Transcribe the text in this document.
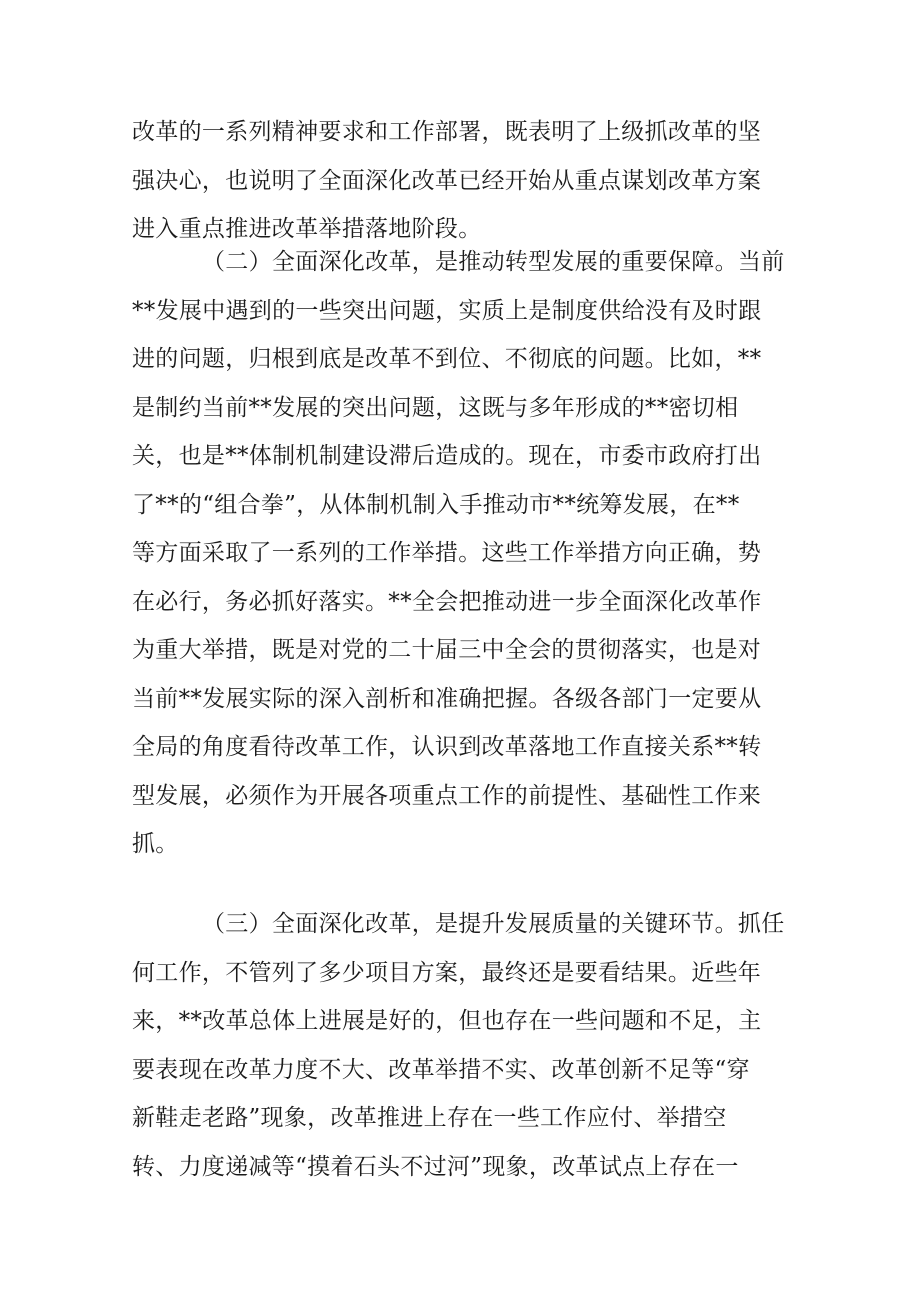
改革的一系列精神要求和工作部署，既表明了上级抓改革的坚
强决心，也说明了全面深化改革已经开始从重点谋划改革方案
进入重点推进改革举措落地阶段。
（二）全面深化改革，是推动转型发展的重要保障。当前
**发展中遇到的一些突出问题，实质上是制度供给没有及时跟
进的问题，归根到底是改革不到位、不彻底的问题。比如，**
是制约当前**发展的突出问题，这既与多年形成的**密切相
关，也是**体制机制建设滞后造成的。现在，市委市政府打出
了**的“组合拳”，从体制机制入手推动市**统筹发展，在**
等方面采取了一系列的工作举措。这些工作举措方向正确，势
在必行，务必抓好落实。**全会把推动进一步全面深化改革作
为重大举措，既是对党的二十届三中全会的贯彻落实，也是对
当前**发展实际的深入剖析和准确把握。各级各部门一定要从
全局的角度看待改革工作，认识到改革落地工作直接关系**转
型发展，必须作为开展各项重点工作的前提性、基础性工作来
抓。
（三）全面深化改革，是提升发展质量的关键环节。抓任
何工作，不管列了多少项目方案，最终还是要看结果。近些年
来，**改革总体上进展是好的，但也存在一些问题和不足，主
要表现在改革力度不大、改革举措不实、改革创新不足等“穿
新鞋走老路”现象，改革推进上存在一些工作应付、举措空
转、力度递减等“摸着石头不过河”现象，改革试点上存在一
